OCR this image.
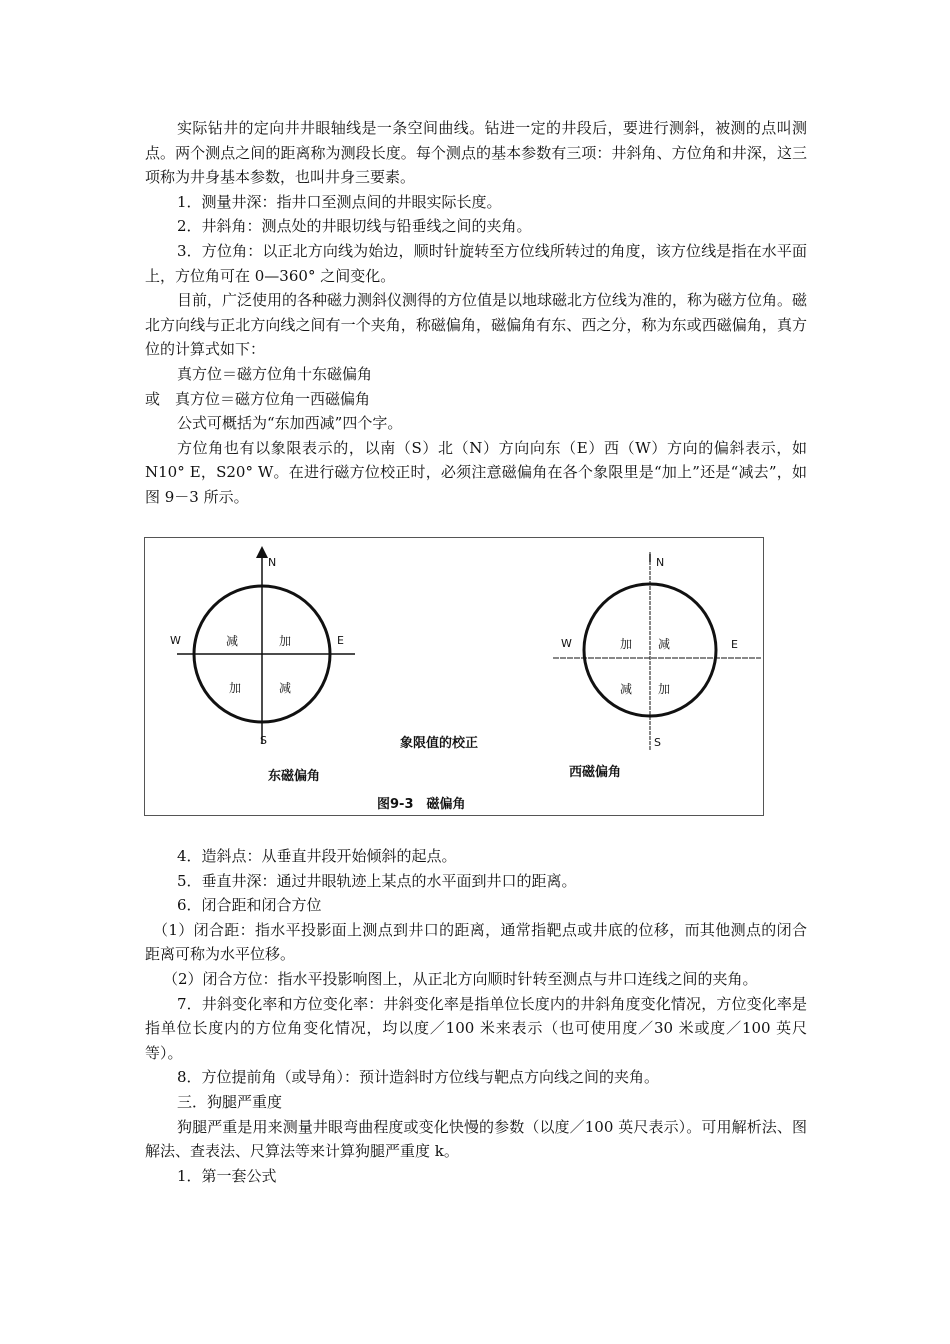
实际钻井的定向井井眼轴线是一条空间曲线。钻进一定的井段后，要进行测斜，被测的点叫测点。两个测点之间的距离称为测段长度。每个测点的基本参数有三项：井斜角、方位角和井深，这三项称为井身基本参数，也叫井身三要素。

1．测量井深：指井口至测点间的井眼实际长度。

2．井斜角：测点处的井眼切线与铅垂线之间的夹角。

3．方位角：以正北方向线为始边，顺时针旋转至方位线所转过的角度，该方位线是指在水平面上，方位角可在 0—360° 之间变化。

目前，广泛使用的各种磁力测斜仪测得的方位值是以地球磁北方位线为准的，称为磁方位角。磁北方向线与正北方向线之间有一个夹角，称磁偏角，磁偏角有东、西之分，称为东或西磁偏角，真方位的计算式如下：

真方位＝磁方位角十东磁偏角

或　真方位＝磁方位角一西磁偏角

公式可概括为“东加西减”四个字。

方位角也有以象限表示的，以南（S）北（N）方向向东（E）西（W）方向的偏斜表示，如 N10° E，S20° W。在进行磁方位校正时，必须注意磁偏角在各个象限里是“加上”还是“减去”，如图 9－3 所示。

N
S
W	E
减	加
加	减
N
S
W	E
加 减
减 加
象限值的校正
东磁偏角	西磁偏角
图9-3　磁偏角

4．造斜点：从垂直井段开始倾斜的起点。

5．垂直井深：通过井眼轨迹上某点的水平面到井口的距离。

6．闭合距和闭合方位

（1）闭合距：指水平投影面上测点到井口的距离，通常指靶点或井底的位移，而其他测点的闭合距离可称为水平位移。

（2）闭合方位：指水平投影响图上，从正北方向顺时针转至测点与井口连线之间的夹角。

7．井斜变化率和方位变化率：井斜变化率是指单位长度内的井斜角度变化情况，方位变化率是指单位长度内的方位角变化情况，均以度／100 米来表示（也可使用度／30 米或度／100 英尺等）。

8．方位提前角（或导角）：预计造斜时方位线与靶点方向线之间的夹角。

三．狗腿严重度

狗腿严重是用来测量井眼弯曲程度或变化快慢的参数（以度／100 英尺表示）。可用解析法、图解法、查表法、尺算法等来计算狗腿严重度 k。

1．第一套公式
